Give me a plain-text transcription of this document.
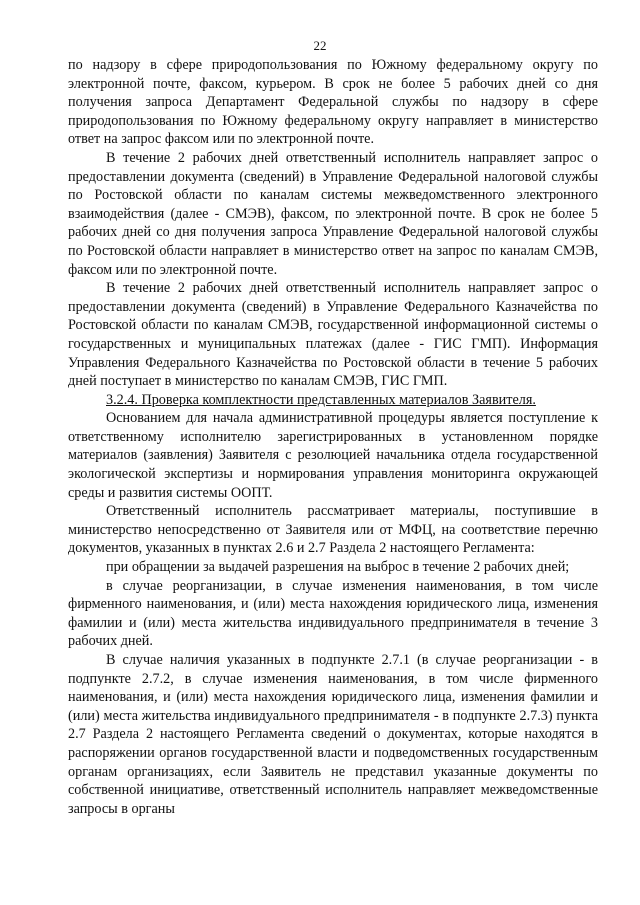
22

по надзору в сфере природопользования по Южному федеральному округу по электронной почте, факсом, курьером. В срок не более 5 рабочих дней со дня получения запроса Департамент Федеральной службы по надзору в сфере природопользования по Южному федеральному округу направляет в министерство ответ на запрос факсом или по электронной почте.

В течение 2 рабочих дней ответственный исполнитель направляет запрос о предоставлении документа (сведений) в Управление Федеральной налоговой службы по Ростовской области по каналам системы межведомственного электронного взаимодействия (далее - СМЭВ), факсом, по электронной почте. В срок не более 5 рабочих дней со дня получения запроса Управление Федеральной налоговой службы по Ростовской области направляет в министерство ответ на запрос по каналам СМЭВ, факсом или по электронной почте.

В течение 2 рабочих дней ответственный исполнитель направляет запрос о предоставлении документа (сведений) в Управление Федерального Казначейства по Ростовской области по каналам СМЭВ, государственной информационной системы о государственных и муниципальных платежах (далее - ГИС ГМП). Информация Управления Федерального Казначейства по Ростовской области в течение 5 рабочих дней поступает в министерство по каналам СМЭВ, ГИС ГМП.

3.2.4. Проверка комплектности представленных материалов Заявителя.

Основанием для начала административной процедуры является поступление к ответственному исполнителю зарегистрированных в установленном порядке материалов (заявления) Заявителя с резолюцией начальника отдела государственной экологической экспертизы и нормирования управления мониторинга окружающей среды и развития системы ООПТ.

Ответственный исполнитель рассматривает материалы, поступившие в министерство непосредственно от Заявителя или от МФЦ, на соответствие перечню документов, указанных в пунктах 2.6 и 2.7 Раздела 2 настоящего Регламента:

при обращении за выдачей разрешения на выброс в течение 2 рабочих дней;

в случае реорганизации, в случае изменения наименования, в том числе фирменного наименования, и (или) места нахождения юридического лица, изменения фамилии и (или) места жительства индивидуального предпринимателя в течение 3 рабочих дней.

В случае наличия указанных в подпункте 2.7.1 (в случае реорганизации - в подпункте 2.7.2, в случае изменения наименования, в том числе фирменного наименования, и (или) места нахождения юридического лица, изменения фамилии и (или) места жительства индивидуального предпринимателя - в подпункте 2.7.3) пункта 2.7 Раздела 2 настоящего Регламента сведений о документах, которые находятся в распоряжении органов государственной власти и подведомственных государственным органам организациях, если Заявитель не представил указанные документы по собственной инициативе, ответственный исполнитель направляет межведомственные запросы в органы
